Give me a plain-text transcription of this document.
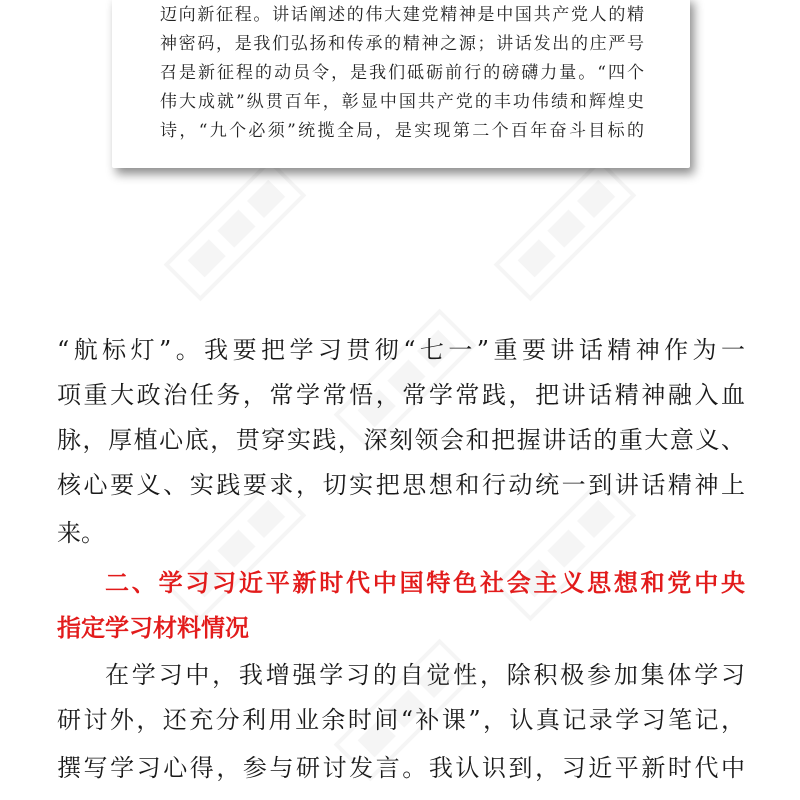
迈向新征程。讲话阐述的伟大建党精神是中国共产党人的精
神密码，是我们弘扬和传承的精神之源；讲话发出的庄严号
召是新征程的动员令，是我们砥砺前行的磅礴力量。“四个
伟大成就”纵贯百年，彰显中国共产党的丰功伟绩和辉煌史
诗，“九个必须”统揽全局，是实现第二个百年奋斗目标的
“航标灯”。我要把学习贯彻“七一”重要讲话精神作为一
项重大政治任务，常学常悟，常学常践，把讲话精神融入血
脉，厚植心底，贯穿实践，深刻领会和把握讲话的重大意义、
核心要义、实践要求，切实把思想和行动统一到讲话精神上
来。
二、学习习近平新时代中国特色社会主义思想和党中央
指定学习材料情况
在学习中，我增强学习的自觉性，除积极参加集体学习
研讨外，还充分利用业余时间“补课”，认真记录学习笔记，
撰写学习心得，参与研讨发言。我认识到，习近平新时代中
